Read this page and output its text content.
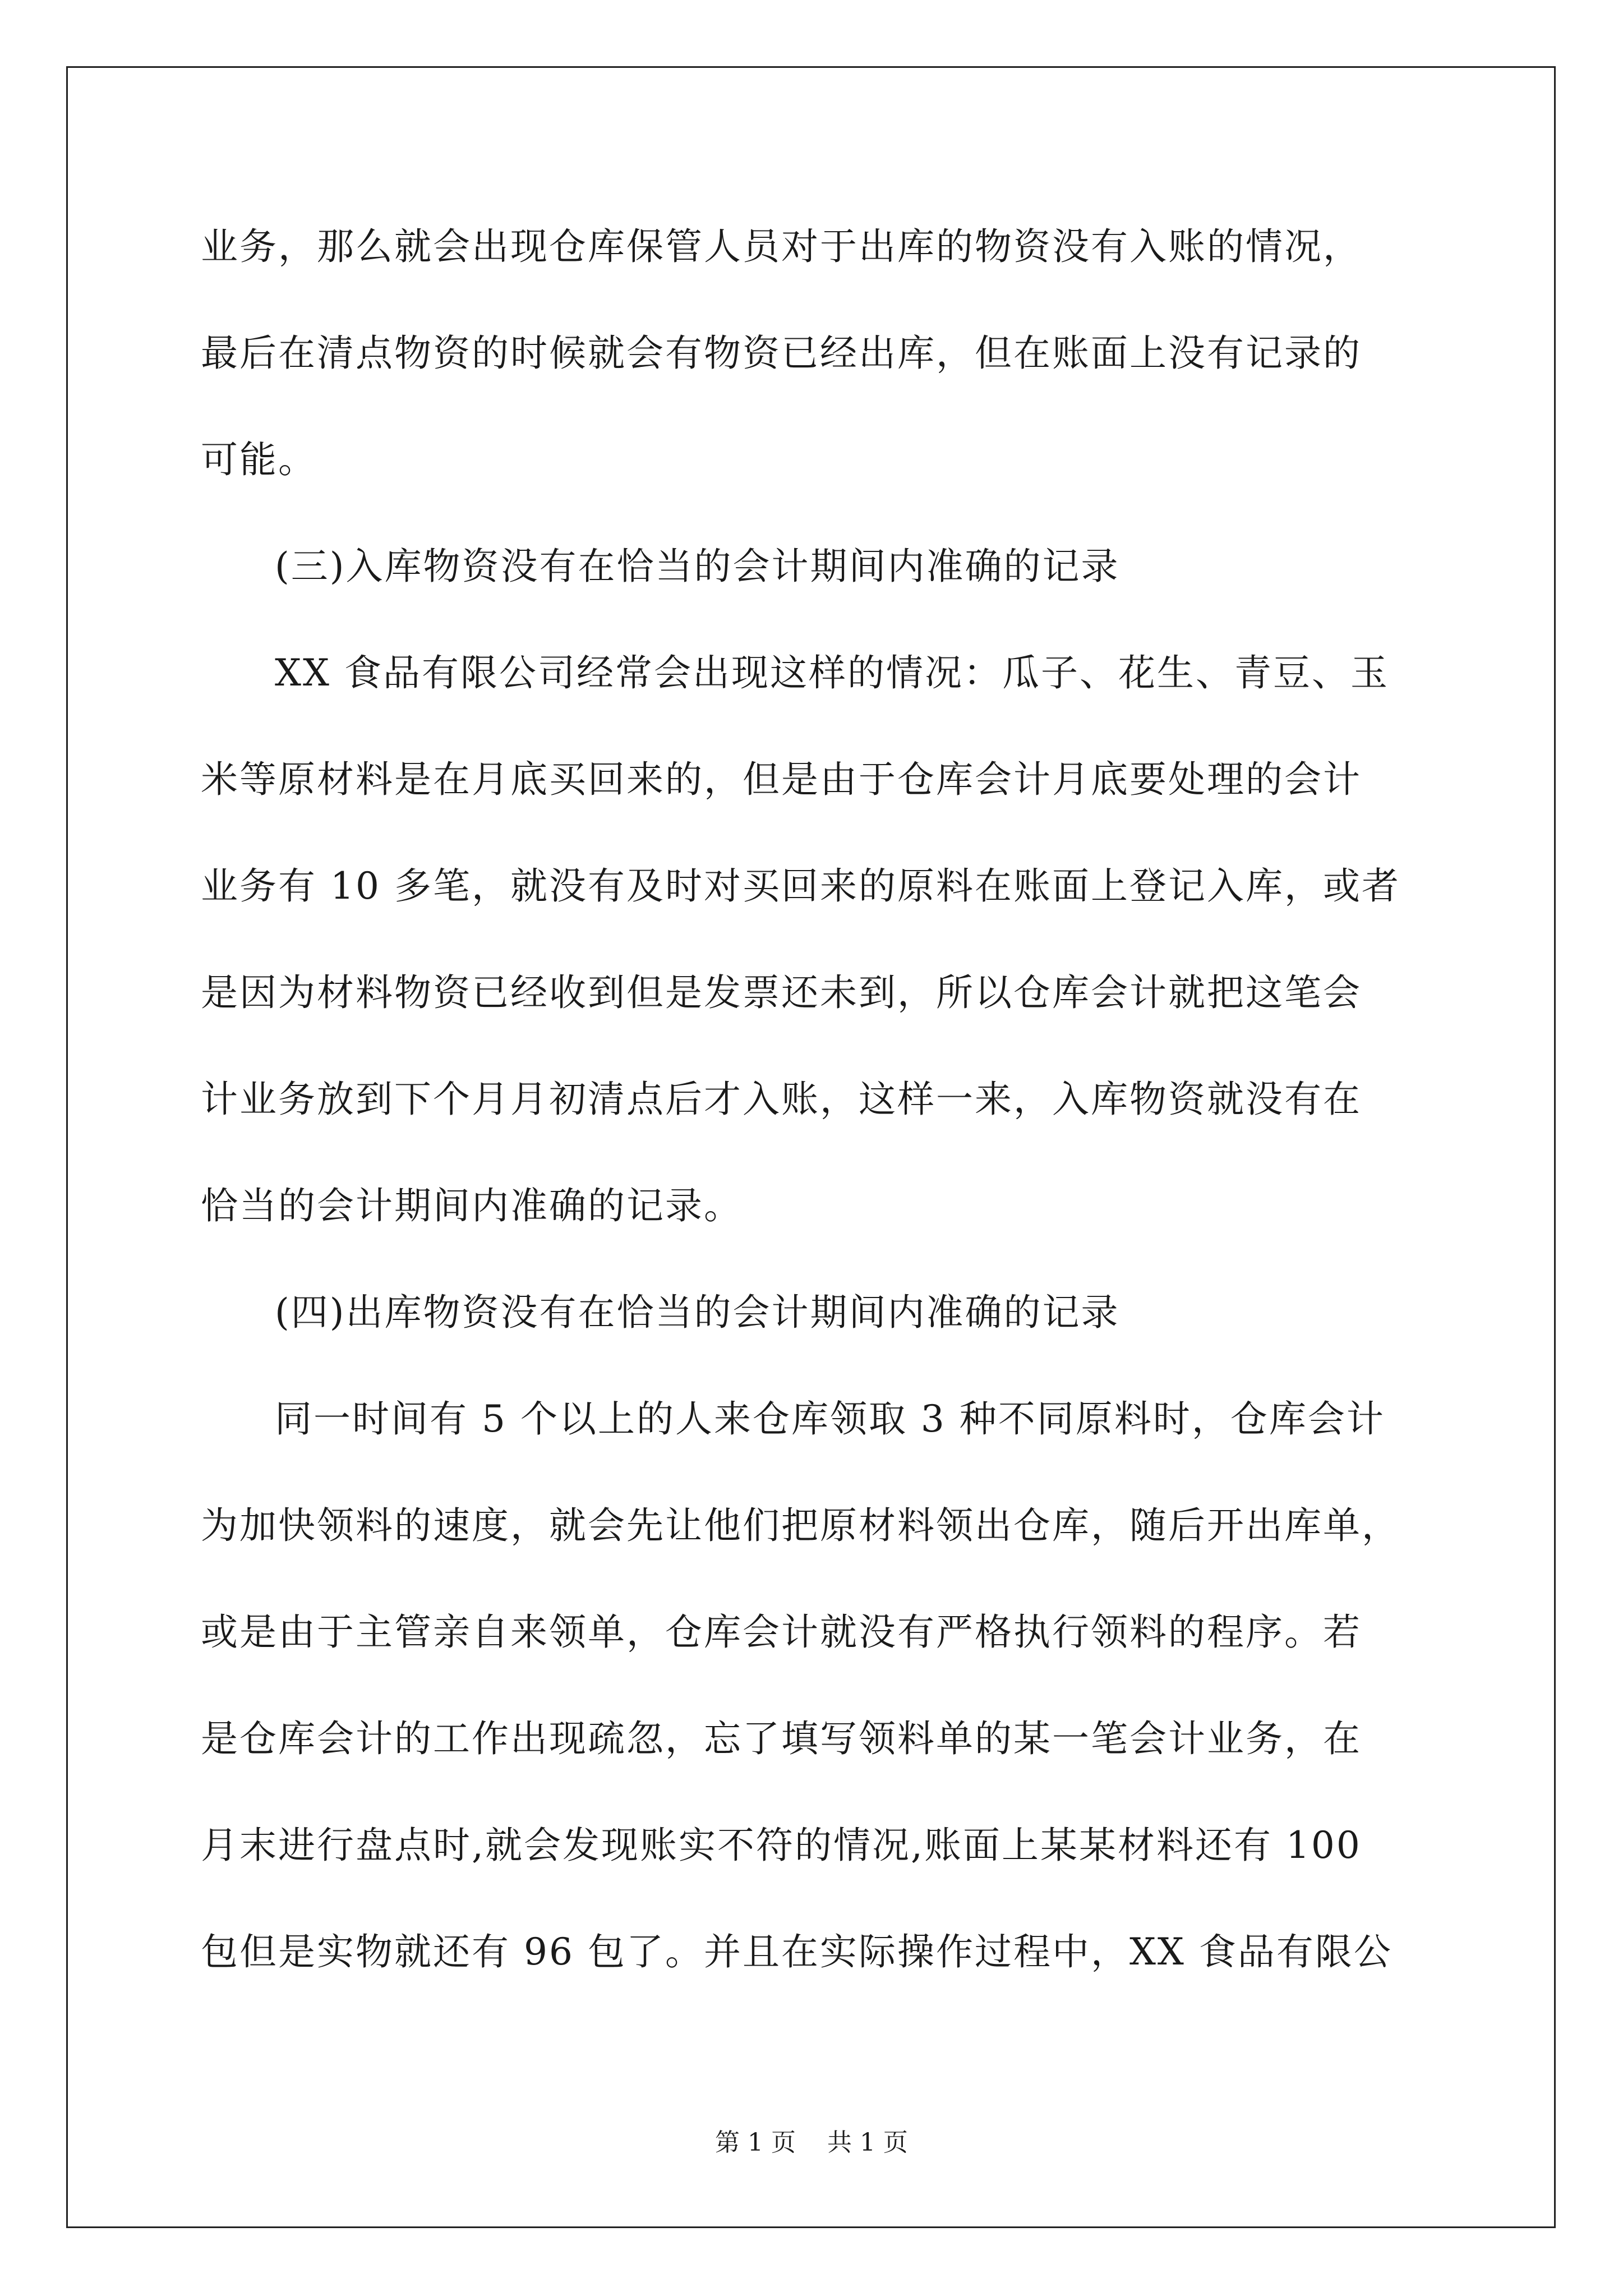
业务，那么就会出现仓库保管人员对于出库的物资没有入账的情况，
最后在清点物资的时候就会有物资已经出库，但在账面上没有记录的
可能。
(三)入库物资没有在恰当的会计期间内准确的记录
XX 食品有限公司经常会出现这样的情况：瓜子、花生、青豆、玉
米等原材料是在月底买回来的，但是由于仓库会计月底要处理的会计
业务有 10 多笔，就没有及时对买回来的原料在账面上登记入库，或者
是因为材料物资已经收到但是发票还未到，所以仓库会计就把这笔会
计业务放到下个月月初清点后才入账，这样一来，入库物资就没有在
恰当的会计期间内准确的记录。
(四)出库物资没有在恰当的会计期间内准确的记录
同一时间有 5 个以上的人来仓库领取 3 种不同原料时，仓库会计
为加快领料的速度，就会先让他们把原材料领出仓库，随后开出库单，
或是由于主管亲自来领单，仓库会计就没有严格执行领料的程序。若
是仓库会计的工作出现疏忽，忘了填写领料单的某一笔会计业务，在
月末进行盘点时,就会发现账实不符的情况,账面上某某材料还有 100
包但是实物就还有 96 包了。并且在实际操作过程中，XX 食品有限公
第 1 页    共 1 页
